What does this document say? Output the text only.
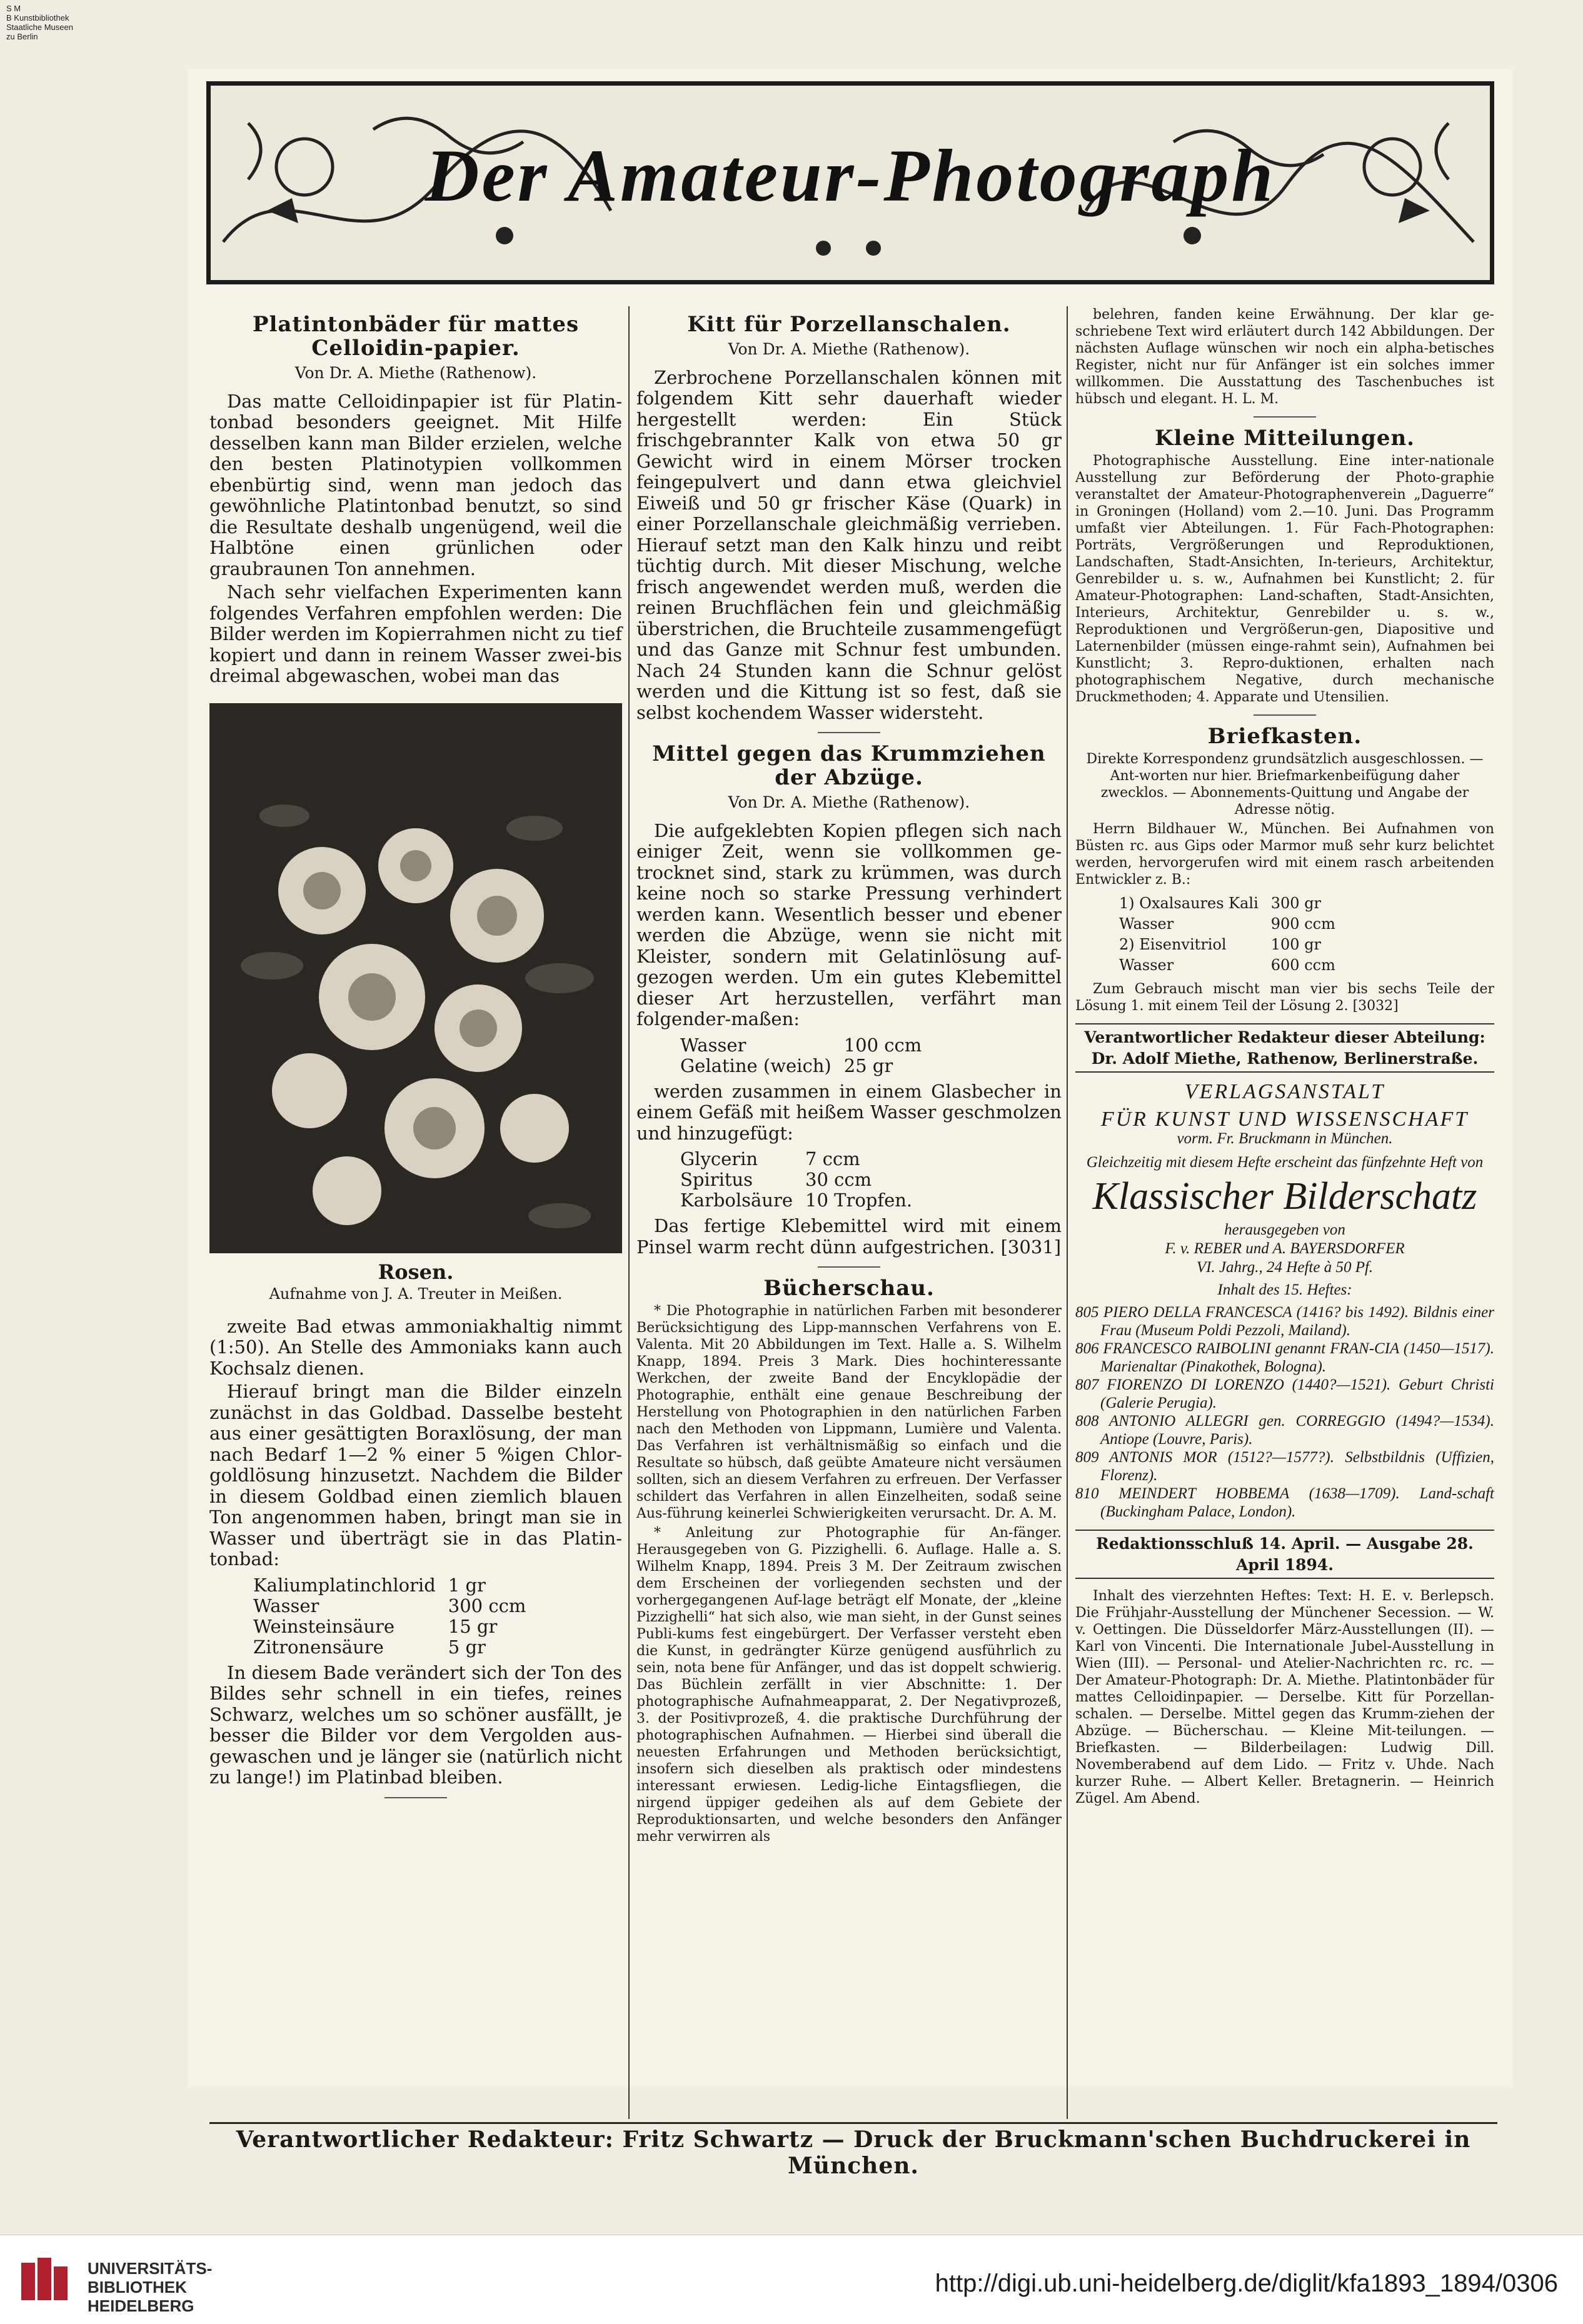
S M
B Kunstbibliothek
Staatliche Museen
zu Berlin
Der Amateur-Photograph
Platintonbäder für mattes Celloidin-papier.
Von Dr. A. Miethe (Rathenow).

Das matte Celloidinpapier ist für Platin-tonbad besonders geeignet. Mit Hilfe desselben kann man Bilder erzielen, welche den besten Platinotypien vollkommen ebenbürtig sind, wenn man jedoch das gewöhnliche Platintonbad benutzt, so sind die Resultate deshalb ungenügend, weil die Halbtöne einen grünlichen oder graubraunen Ton annehmen.

Nach sehr vielfachen Experimenten kann folgendes Verfahren empfohlen werden: Die Bilder werden im Kopierrahmen nicht zu tief kopiert und dann in reinem Wasser zwei-bis dreimal abgewaschen, wobei man das

Rosen.
Aufnahme von J. A. Treuter in Meißen.

zweite Bad etwas ammoniakhaltig nimmt (1:50). An Stelle des Ammoniaks kann auch Kochsalz dienen.

Hierauf bringt man die Bilder einzeln zunächst in das Goldbad. Dasselbe besteht aus einer gesättigten Boraxlösung, der man nach Bedarf 1—2 % einer 5 %igen Chlor-goldlösung hinzusetzt. Nachdem die Bilder in diesem Goldbad einen ziemlich blauen Ton angenommen haben, bringt man sie in Wasser und überträgt sie in das Platin-tonbad:

Kaliumplatinchlorid	1 gr
Wasser	300 ccm
Weinsteinsäure	15 gr
Zitronensäure	5 gr

In diesem Bade verändert sich der Ton des Bildes sehr schnell in ein tiefes, reines Schwarz, welches um so schöner ausfällt, je besser die Bilder vor dem Vergolden aus-gewaschen und je länger sie (natürlich nicht zu lange!) im Platinbad bleiben.

Kitt für Porzellanschalen.
Von Dr. A. Miethe (Rathenow).

Zerbrochene Porzellanschalen können mit folgendem Kitt sehr dauerhaft wieder hergestellt werden: Ein Stück frischgebrannter Kalk von etwa 50 gr Gewicht wird in einem Mörser trocken feingepulvert und dann etwa gleichviel Eiweiß und 50 gr frischer Käse (Quark) in einer Porzellanschale gleichmäßig verrieben. Hierauf setzt man den Kalk hinzu und reibt tüchtig durch. Mit dieser Mischung, welche frisch angewendet werden muß, werden die reinen Bruchflächen fein und gleichmäßig überstrichen, die Bruchteile zusammengefügt und das Ganze mit Schnur fest umbunden. Nach 24 Stunden kann die Schnur gelöst werden und die Kittung ist so fest, daß sie selbst kochendem Wasser widersteht.

Mittel gegen das Krummziehen der Abzüge.
Von Dr. A. Miethe (Rathenow).

Die aufgeklebten Kopien pflegen sich nach einiger Zeit, wenn sie vollkommen ge-trocknet sind, stark zu krümmen, was durch keine noch so starke Pressung verhindert werden kann. Wesentlich besser und ebener werden die Abzüge, wenn sie nicht mit Kleister, sondern mit Gelatinlösung auf-gezogen werden. Um ein gutes Klebemittel dieser Art herzustellen, verfährt man folgender-maßen:

Wasser	100 ccm
Gelatine (weich)	25 gr

werden zusammen in einem Glasbecher in einem Gefäß mit heißem Wasser geschmolzen und hinzugefügt:

Glycerin	7 ccm
Spiritus	30 ccm
Karbolsäure	10 Tropfen.

Das fertige Klebemittel wird mit einem Pinsel warm recht dünn aufgestrichen. [3031]

Bücherschau.

* Die Photographie in natürlichen Farben mit besonderer Berücksichtigung des Lipp-mannschen Verfahrens von E. Valenta. Mit 20 Abbildungen im Text. Halle a. S. Wilhelm Knapp, 1894. Preis 3 Mark. Dies hochinteressante Werkchen, der zweite Band der Encyklopädie der Photographie, enthält eine genaue Beschreibung der Herstellung von Photographien in den natürlichen Farben nach den Methoden von Lippmann, Lumière und Valenta. Das Verfahren ist verhältnismäßig so einfach und die Resultate so hübsch, daß geübte Amateure nicht versäumen sollten, sich an diesem Verfahren zu erfreuen. Der Verfasser schildert das Verfahren in allen Einzelheiten, sodaß seine Aus-führung keinerlei Schwierigkeiten verursacht. Dr. A. M.

* Anleitung zur Photographie für An-fänger. Herausgegeben von G. Pizzighelli. 6. Auflage. Halle a. S. Wilhelm Knapp, 1894. Preis 3 M. Der Zeitraum zwischen dem Erscheinen der vorliegenden sechsten und der vorhergegangenen Auf-lage beträgt elf Monate, der „kleine Pizzighelli“ hat sich also, wie man sieht, in der Gunst seines Publi-kums fest eingebürgert. Der Verfasser versteht eben die Kunst, in gedrängter Kürze genügend ausführlich zu sein, nota bene für Anfänger, und das ist doppelt schwierig. Das Büchlein zerfällt in vier Abschnitte: 1. Der photographische Aufnahmeapparat, 2. Der Negativprozeß, 3. der Positivprozeß, 4. die praktische Durchführung der photographischen Aufnahmen. — Hierbei sind überall die neuesten Erfahrungen und Methoden berücksichtigt, insofern sich dieselben als praktisch oder mindestens interessant erwiesen. Ledig-liche Eintagsfliegen, die nirgend üppiger gedeihen als auf dem Gebiete der Reproduktionsarten, und welche besonders den Anfänger mehr verwirren als

belehren, fanden keine Erwähnung. Der klar ge-schriebene Text wird erläutert durch 142 Abbildungen. Der nächsten Auflage wünschen wir noch ein alpha-betisches Register, nicht nur für Anfänger ist ein solches immer willkommen. Die Ausstattung des Taschenbuches ist hübsch und elegant. H. L. M.

Kleine Mitteilungen.

Photographische Ausstellung. Eine inter-nationale Ausstellung zur Beförderung der Photo-graphie veranstaltet der Amateur-Photographenverein „Daguerre“ in Groningen (Holland) vom 2.—10. Juni. Das Programm umfaßt vier Abteilungen. 1. Für Fach-Photographen: Porträts, Vergrößerungen und Reproduktionen, Landschaften, Stadt-Ansichten, In-terieurs, Architektur, Genrebilder u. s. w., Aufnahmen bei Kunstlicht; 2. für Amateur-Photographen: Land-schaften, Stadt-Ansichten, Interieurs, Architektur, Genrebilder u. s. w., Reproduktionen und Vergrößerun-gen, Diapositive und Laternenbilder (müssen einge-rahmt sein), Aufnahmen bei Kunstlicht; 3. Repro-duktionen, erhalten nach photographischem Negative, durch mechanische Druckmethoden; 4. Apparate und Utensilien.

Briefkasten.

Direkte Korrespondenz grundsätzlich ausgeschlossen. — Ant-worten nur hier. Briefmarkenbeifügung daher zwecklos. — Abonnements-Quittung und Angabe der Adresse nötig.

Herrn Bildhauer W., München. Bei Aufnahmen von Büsten rc. aus Gips oder Marmor muß sehr kurz belichtet werden, hervorgerufen wird mit einem rasch arbeitenden Entwickler z. B.:

1) Oxalsaures Kali	300 gr
Wasser	900 ccm
2) Eisenvitriol	100 gr
Wasser	600 ccm

Zum Gebrauch mischt man vier bis sechs Teile der Lösung 1. mit einem Teil der Lösung 2. [3032]

Verantwortlicher Redakteur dieser Abteilung:
Dr. Adolf Miethe, Rathenow, Berlinerstraße.
VERLAGSANSTALT
FÜR KUNST UND WISSENSCHAFT
vorm. Fr. Bruckmann in München.
Gleichzeitig mit diesem Hefte erscheint das fünfzehnte Heft von
Klassischer Bilderschatz
herausgegeben von
F. v. REBER und A. BAYERSDORFER
VI. Jahrg., 24 Hefte à 50 Pf.
Inhalt des 15. Heftes:

805 PIERO DELLA FRANCESCA (1416? bis 1492). Bildnis einer Frau (Museum Poldi Pezzoli, Mailand).

806 FRANCESCO RAIBOLINI genannt FRAN-CIA (1450—1517). Marienaltar (Pinakothek, Bologna).

807 FIORENZO DI LORENZO (1440?—1521). Geburt Christi (Galerie Perugia).

808 ANTONIO ALLEGRI gen. CORREGGIO (1494?—1534). Antiope (Louvre, Paris).

809 ANTONIS MOR (1512?—1577?). Selbstbildnis (Uffizien, Florenz).

810 MEINDERT HOBBEMA (1638—1709). Land-schaft (Buckingham Palace, London).

Redaktionsschluß 14. April. — Ausgabe 28. April 1894.

Inhalt des vierzehnten Heftes: Text: H. E. v. Berlepsch. Die Frühjahr-Ausstellung der Münchener Secession. — W. v. Oettingen. Die Düsseldorfer März-Ausstellungen (II). — Karl von Vincenti. Die Internationale Jubel-Ausstellung in Wien (III). — Personal- und Atelier-Nachrichten rc. rc. — Der Amateur-Photograph: Dr. A. Miethe. Platintonbäder für mattes Celloidinpapier. — Derselbe. Kitt für Porzellan-schalen. — Derselbe. Mittel gegen das Krumm-ziehen der Abzüge. — Bücherschau. — Kleine Mit-teilungen. — Briefkasten. — Bilderbeilagen: Ludwig Dill. Novemberabend auf dem Lido. — Fritz v. Uhde. Nach kurzer Ruhe. — Albert Keller. Bretagnerin. — Heinrich Zügel. Am Abend.

Verantwortlicher Redakteur: Fritz Schwartz — Druck der Bruckmann'schen Buchdruckerei in München.
UNIVERSITÄTS-
BIBLIOTHEK
HEIDELBERG
http://digi.ub.uni-heidelberg.de/diglit/kfa1893_1894/0306
